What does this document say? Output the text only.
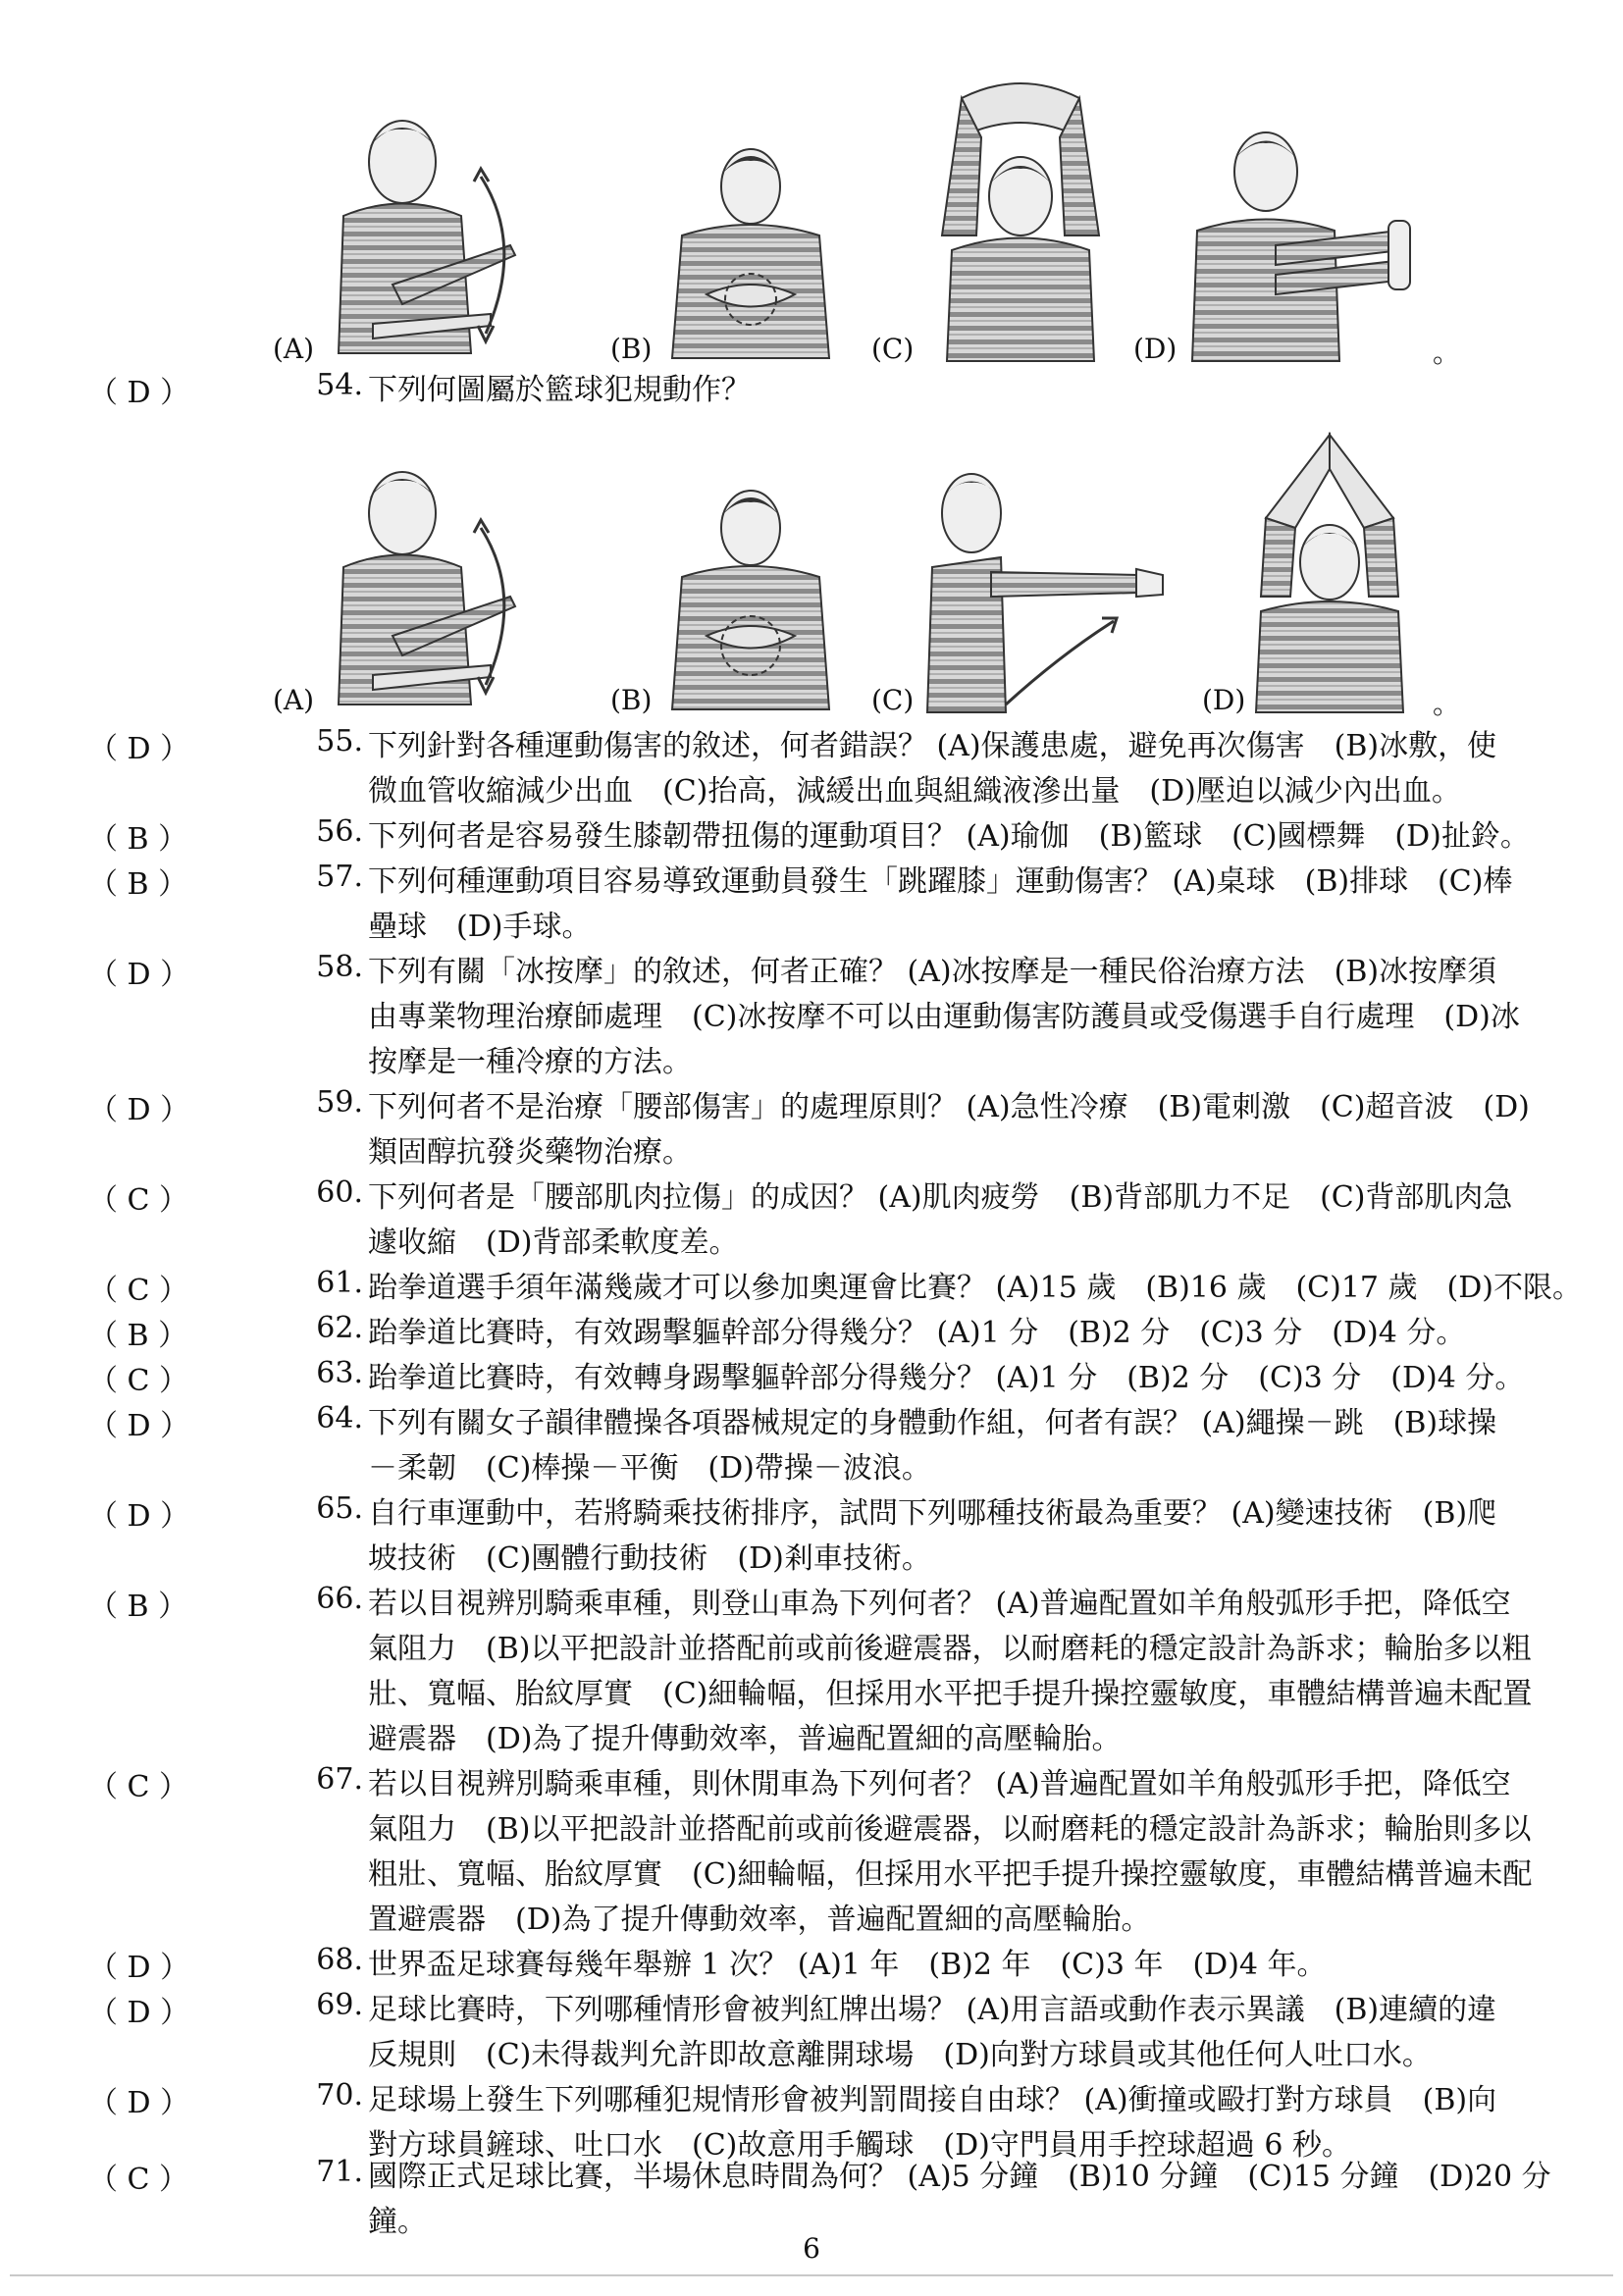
(A)	(B)	(C)	(D)	。
（ D ）	54. 下列何圖屬於籃球犯規動作？
(A)	(B)	(C)	(D)	。
（ D ）	55. 下列針對各種運動傷害的敘述，何者錯誤？ (A)保護患處，避免再次傷害　(B)冰敷，使
微血管收縮減少出血　(C)抬高，減緩出血與組織液滲出量　(D)壓迫以減少內出血。
（ B ）	56. 下列何者是容易發生膝韌帶扭傷的運動項目？ (A)瑜伽　(B)籃球　(C)國標舞　(D)扯鈴。
（ B ）	57. 下列何種運動項目容易導致運動員發生「跳躍膝」運動傷害？ (A)桌球　(B)排球　(C)棒
壘球　(D)手球。
（ D ）	58. 下列有關「冰按摩」的敘述，何者正確？ (A)冰按摩是一種民俗治療方法　(B)冰按摩須
由專業物理治療師處理　(C)冰按摩不可以由運動傷害防護員或受傷選手自行處理　(D)冰
按摩是一種冷療的方法。
（ D ）	59. 下列何者不是治療「腰部傷害」的處理原則？ (A)急性冷療　(B)電刺激　(C)超音波　(D)
類固醇抗發炎藥物治療。
（ C ）	60. 下列何者是「腰部肌肉拉傷」的成因？ (A)肌肉疲勞　(B)背部肌力不足　(C)背部肌肉急
遽收縮　(D)背部柔軟度差。
（ C ）	61. 跆拳道選手須年滿幾歲才可以參加奧運會比賽？ (A)15 歲　(B)16 歲　(C)17 歲　(D)不限。
（ B ）	62. 跆拳道比賽時，有效踢擊軀幹部分得幾分？ (A)1 分　(B)2 分　(C)3 分　(D)4 分。
（ C ）	63. 跆拳道比賽時，有效轉身踢擊軀幹部分得幾分？ (A)1 分　(B)2 分　(C)3 分　(D)4 分。
（ D ）	64. 下列有關女子韻律體操各項器械規定的身體動作組，何者有誤？ (A)繩操－跳　(B)球操
－柔韌　(C)棒操－平衡　(D)帶操－波浪。
（ D ）	65. 自行車運動中，若將騎乘技術排序，試問下列哪種技術最為重要？ (A)變速技術　(B)爬
坡技術　(C)團體行動技術　(D)剎車技術。
（ B ）	66. 若以目視辨別騎乘車種，則登山車為下列何者？ (A)普遍配置如羊角般弧形手把，降低空
氣阻力　(B)以平把設計並搭配前或前後避震器，以耐磨耗的穩定設計為訴求；輪胎多以粗
壯、寬幅、胎紋厚實　(C)細輪幅，但採用水平把手提升操控靈敏度，車體結構普遍未配置
避震器　(D)為了提升傳動效率，普遍配置細的高壓輪胎。
（ C ）	67. 若以目視辨別騎乘車種，則休閒車為下列何者？ (A)普遍配置如羊角般弧形手把，降低空
氣阻力　(B)以平把設計並搭配前或前後避震器，以耐磨耗的穩定設計為訴求；輪胎則多以
粗壯、寬幅、胎紋厚實　(C)細輪幅，但採用水平把手提升操控靈敏度，車體結構普遍未配
置避震器　(D)為了提升傳動效率，普遍配置細的高壓輪胎。
（ D ）	68. 世界盃足球賽每幾年舉辦 1 次？ (A)1 年　(B)2 年　(C)3 年　(D)4 年。
（ D ）	69. 足球比賽時，下列哪種情形會被判紅牌出場？ (A)用言語或動作表示異議　(B)連續的違
反規則　(C)未得裁判允許即故意離開球場　(D)向對方球員或其他任何人吐口水。
（ D ）	70. 足球場上發生下列哪種犯規情形會被判罰間接自由球？ (A)衝撞或毆打對方球員　(B)向
對方球員鏟球、吐口水　(C)故意用手觸球　(D)守門員用手控球超過 6 秒。
（ C ）	71. 國際正式足球比賽，半場休息時間為何？ (A)5 分鐘　(B)10 分鐘　(C)15 分鐘　(D)20 分
鐘。
6
